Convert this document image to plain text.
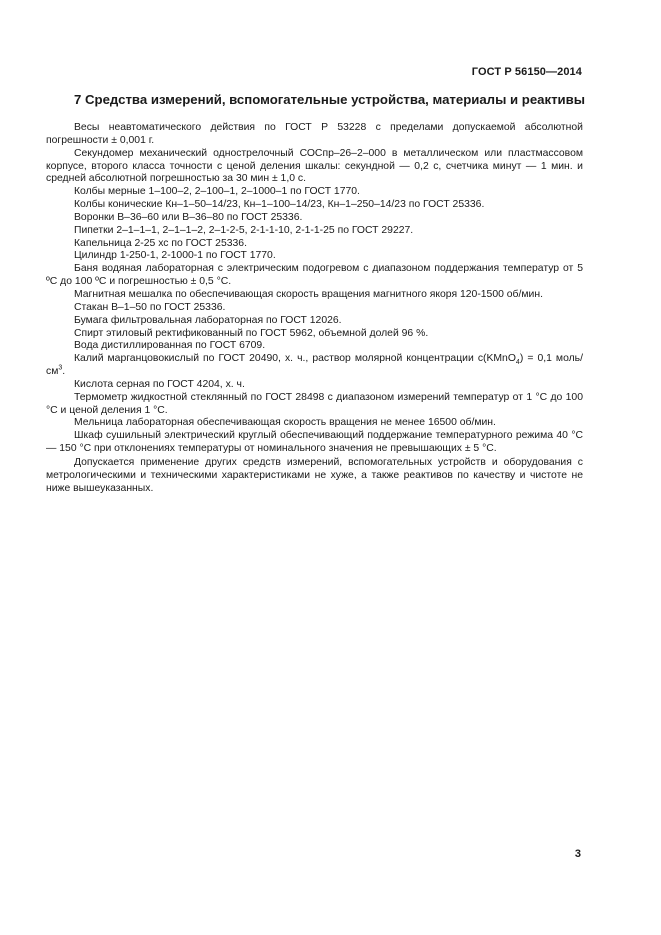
ГОСТ Р 56150—2014
7 Средства измерений, вспомогательные устройства, материалы и реактивы

Весы неавтоматического действия по ГОСТ Р 53228 с пределами допускаемой абсолютной погрешности ± 0,001 г.

Секундомер механический однострелочный СОСпр–26–2–000 в металлическом или пластмассовом корпусе, второго класса точности с ценой деления шкалы: секундной — 0,2 с, счетчика минут — 1 мин. и средней абсолютной погрешностью за 30 мин ± 1,0 с.

Колбы мерные 1–100–2, 2–100–1, 2–1000–1 по ГОСТ 1770.

Колбы конические Кн–1–50–14/23, Кн–1–100–14/23, Кн–1–250–14/23 по ГОСТ 25336.

Воронки В–36–60 или В–36–80 по ГОСТ 25336.

Пипетки 2–1–1–1, 2–1–1–2, 2–1-2-5, 2-1-1-10, 2-1-1-25 по ГОСТ 29227.

Капельница 2-25 хс по ГОСТ 25336.

Цилиндр 1-250-1, 2-1000-1 по ГОСТ 1770.

Баня водяная лабораторная с электрическим подогревом с диапазоном поддержания температур от 5 ºС до 100 ºС и погрешностью ± 0,5 °С.

Магнитная мешалка по обеспечивающая скорость вращения магнитного якоря 120-1500 об/мин.

Стакан В–1–50 по ГОСТ 25336.

Бумага фильтровальная лабораторная по ГОСТ 12026.

Спирт этиловый ректификованный по ГОСТ 5962, объемной долей 96 %.

Вода дистиллированная по ГОСТ 6709.

Калий марганцовокислый по ГОСТ 20490, х. ч., раствор молярной концентрации с(KMnO$_4$) = 0,1 моль/$см^3$.

Кислота серная по ГОСТ 4204, х. ч.

Термометр жидкостной стеклянный по ГОСТ 28498 с диапазоном измерений температур от 1 °С до 100 °С и ценой деления 1 °С.

Мельница лабораторная обеспечивающая скорость вращения не менее 16500 об/мин.

Шкаф сушильный электрический круглый обеспечивающий поддержание температурного режима 40 °С — 150 °С при отклонениях температуры от номинального значения не превышающих ± 5 °С.

Допускается применение других средств измерений, вспомогательных устройств и оборудования с метрологическими и техническими характеристиками не хуже, а также реактивов по качеству и чистоте не ниже вышеуказанных.

3
